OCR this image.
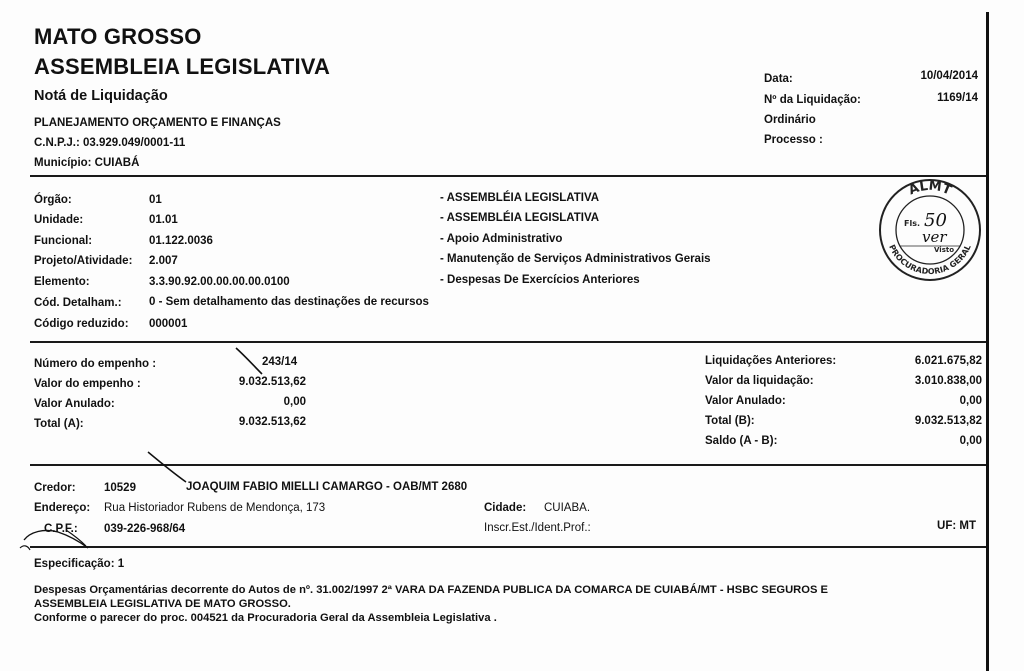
MATO GROSSO
ASSEMBLEIA LEGISLATIVA
Notá de Liquidação
PLANEJAMENTO ORÇAMENTO E FINANÇAS
C.N.P.J.: 03.929.049/0001-11
Município: CUIABÁ
Data:	10/04/2014
Nº da Liquidação:	1169/14
Ordinário
Processo :
Órgão:	01	- ASSEMBLÉIA LEGISLATIVA
Unidade:	01.01	- ASSEMBLÉIA LEGISLATIVA
Funcional:	01.122.0036	- Apoio Administrativo
Projeto/Atividade: 2.007	- Manutenção de Serviços Administrativos Gerais
Elemento:	3.3.90.92.00.00.00.00.0100	- Despesas De Exercícios Anteriores
Cód. Detalham.: 0 - Sem detalhamento das destinações de recursos
Código reduzido: 000001
ALMT
PROCURADORIA GERAL
Fls. 50
ver
Visto
Número do empenho :	243/14
Valor do empenho :	9.032.513,62
Valor Anulado:	0,00
Total (A):	9.032.513,62
Liquidações Anteriores:	6.021.675,82
Valor da liquidação:	3.010.838,00
Valor Anulado:	0,00
Total (B):	9.032.513,82
Saldo (A - B):	0,00
Credor: 10529	JOAQUIM FABIO MIELLI CAMARGO - OAB/MT 2680
Endereço: Rua Historiador Rubens de Mendonça, 173	Cidade: CUIABA.
C.P.F.: 039-226-968/64	Inscr.Est./Ident.Prof.:	UF: MT
Especificação: 1
Despesas Orçamentárias decorrente do Autos de nº. 31.002/1997 2ª VARA DA FAZENDA PUBLICA DA COMARCA DE CUIABÁ/MT - HSBC SEGUROS E
ASSEMBLEIA LEGISLATIVA DE MATO GROSSO.
Conforme o parecer do proc. 004521 da Procuradoria Geral da Assembleia Legislativa .
